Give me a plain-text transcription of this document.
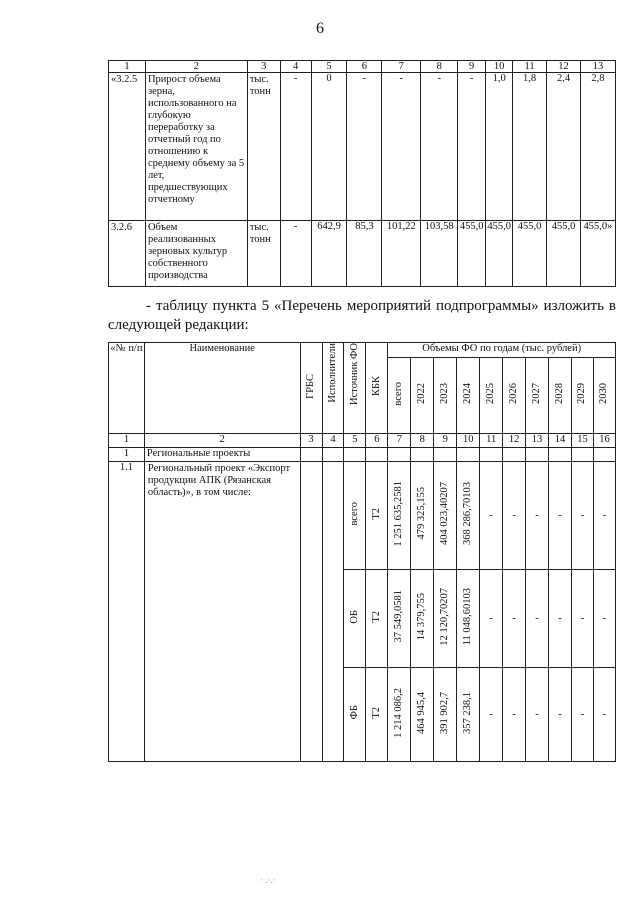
6
1	2	3	4	5	6	7	8	9	10	11	12	13
«3.2.5	Прирост объема зерна, использованного на глубокую переработку за отчетный год по отношению к среднему объему за 5 лет, предшествующих отчетному	тыс. тонн	-	0	-	-	-	-	1,0	1,8	2,4	2,8
3.2.6	Объем реализованных зерновых культур собственного производства	тыс. тонн	-	642,9	85,3	101,22	103,58	455,0	455,0	455,0	455,0	455,0»
- таблицу пункта 5 «Перечень мероприятий подпрограммы» изложить в следующей редакции:
«№ п/п	Наименование	ГРБС	Исполнители	Источник ФО	КБК	Объемы ФО по годам (тыс. рублей)									
						всего	2022	2023	2024	2025	2026	2027	2028	2029	2030
1	2	3	4	5	6	7	8	9	10	11	12	13	14	15	16
1	Региональные проекты														
1.1	Региональный проект «Экспорт продукции АПК (Рязанская область)», в том числе:			всего	Т2	1 251 635,2581	479 325,155	404 023,40207	368 286,70103	-	-	-	-	-	-
				ОБ	Т2	37 549,0581	14 379,755	12 120,70207	11 048,60103	-	-	-	-	-	-
				ФБ	Т2	1 214 086,2	464 945,4	391 902,7	357 238,1	-	-	-	-	-	-
· .·.·
